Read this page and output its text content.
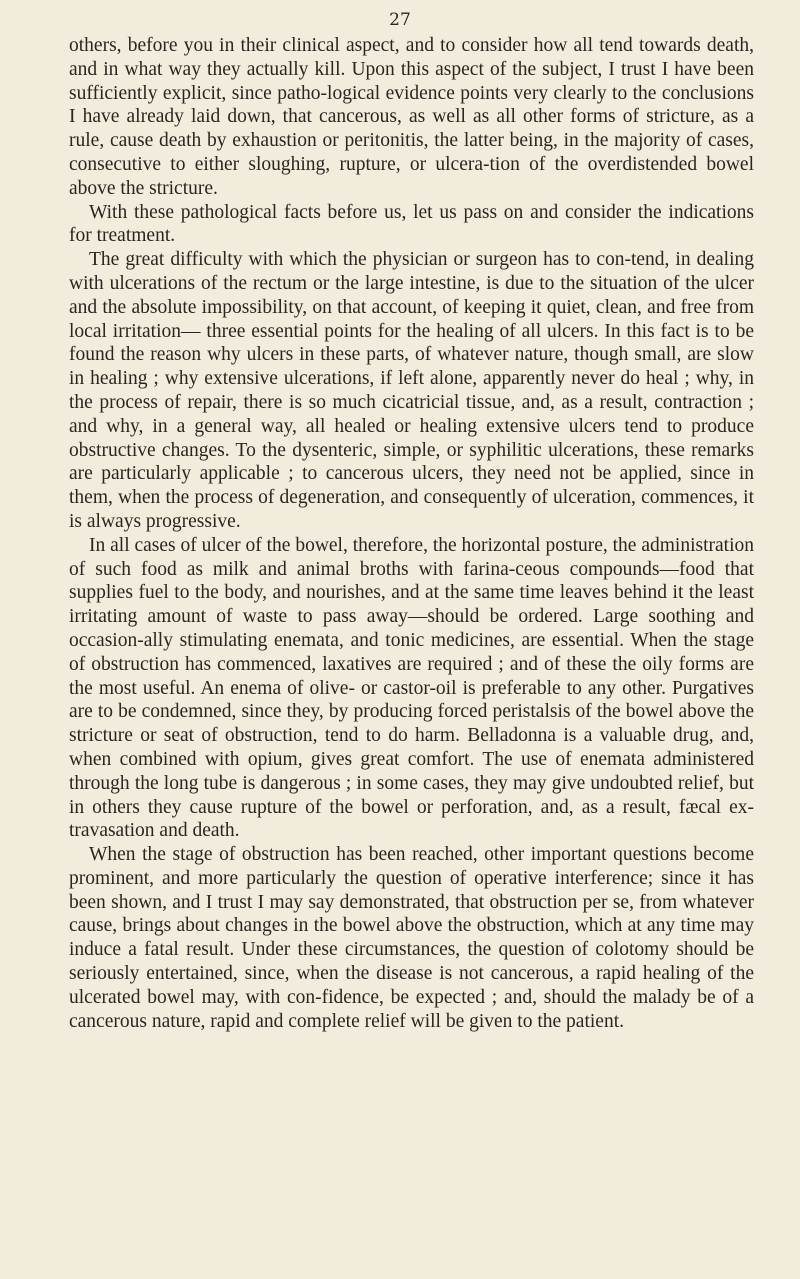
27

others, before you in their clinical aspect, and to consider how all tend towards death, and in what way they actually kill. Upon this aspect of the subject, I trust I have been sufficiently explicit, since patho-logical evidence points very clearly to the conclusions I have already laid down, that cancerous, as well as all other forms of stricture, as a rule, cause death by exhaustion or peritonitis, the latter being, in the majority of cases, consecutive to either sloughing, rupture, or ulcera-tion of the overdistended bowel above the stricture.

With these pathological facts before us, let us pass on and consider the indications for treatment.

The great difficulty with which the physician or surgeon has to con-tend, in dealing with ulcerations of the rectum or the large intestine, is due to the situation of the ulcer and the absolute impossibility, on that account, of keeping it quiet, clean, and free from local irritation— three essential points for the healing of all ulcers. In this fact is to be found the reason why ulcers in these parts, of whatever nature, though small, are slow in healing ; why extensive ulcerations, if left alone, apparently never do heal ; why, in the process of repair, there is so much cicatricial tissue, and, as a result, contraction ; and why, in a general way, all healed or healing extensive ulcers tend to produce obstructive changes. To the dysenteric, simple, or syphilitic ulcerations, these remarks are particularly applicable ; to cancerous ulcers, they need not be applied, since in them, when the process of degeneration, and consequently of ulceration, commences, it is always progressive.

In all cases of ulcer of the bowel, therefore, the horizontal posture, the administration of such food as milk and animal broths with farina-ceous compounds—food that supplies fuel to the body, and nourishes, and at the same time leaves behind it the least irritating amount of waste to pass away—should be ordered. Large soothing and occasion-ally stimulating enemata, and tonic medicines, are essential. When the stage of obstruction has commenced, laxatives are required ; and of these the oily forms are the most useful. An enema of olive- or castor-oil is preferable to any other. Purgatives are to be condemned, since they, by producing forced peristalsis of the bowel above the stricture or seat of obstruction, tend to do harm. Belladonna is a valuable drug, and, when combined with opium, gives great comfort. The use of enemata administered through the long tube is dangerous ; in some cases, they may give undoubted relief, but in others they cause rupture of the bowel or perforation, and, as a result, fæcal ex-travasation and death.

When the stage of obstruction has been reached, other important questions become prominent, and more particularly the question of operative interference; since it has been shown, and I trust I may say demonstrated, that obstruction per se, from whatever cause, brings about changes in the bowel above the obstruction, which at any time may induce a fatal result. Under these circumstances, the question of colotomy should be seriously entertained, since, when the disease is not cancerous, a rapid healing of the ulcerated bowel may, with con-fidence, be expected ; and, should the malady be of a cancerous nature, rapid and complete relief will be given to the patient.
